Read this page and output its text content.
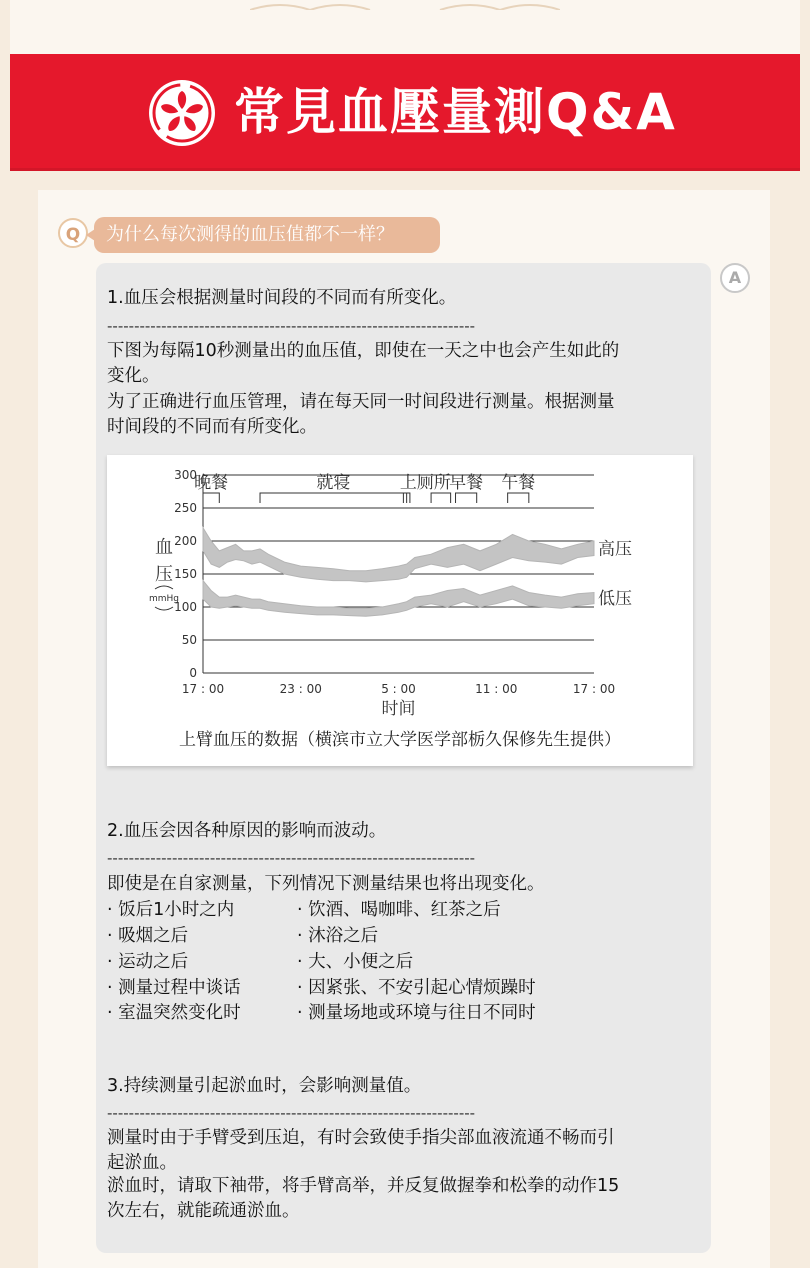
常見血壓量測Q&A
Q	为什么每次测得的血压值都不一样？
A
1.血压会根据测量时间段的不同而有所变化。
--------------------------------------------------------------------
下图为每隔10秒测量出的血压值，即使在一天之中也会产生如此的
变化。
为了正确进行血压管理，请在每天同一时间段进行测量。根据测量
时间段的不同而有所变化。
0
50
100
150
200
250
300
17 : 00	23 : 00	5 : 00	11 : 00	17 : 00
时间
血
压
mmHg
高压
低压
晚餐	就寝	上厕所
早餐 午餐
上臂血压的数据（横滨市立大学医学部栃久保修先生提供）
2.血压会因各种原因的影响而波动。
--------------------------------------------------------------------
即使是在自家测量，下列情况下测量结果也将出现变化。
· 饭后1小时之内
· 吸烟之后
· 运动之后
· 测量过程中谈话
· 室温突然变化时
· 饮酒、喝咖啡、红茶之后
· 沐浴之后
· 大、小便之后
· 因紧张、不安引起心情烦躁时
· 测量场地或环境与往日不同时
3.持续测量引起淤血时，会影响测量值。
--------------------------------------------------------------------
测量时由于手臂受到压迫，有时会致使手指尖部血液流通不畅而引
起淤血。
淤血时，请取下袖带，将手臂高举，并反复做握拳和松拳的动作15
次左右，就能疏通淤血。
